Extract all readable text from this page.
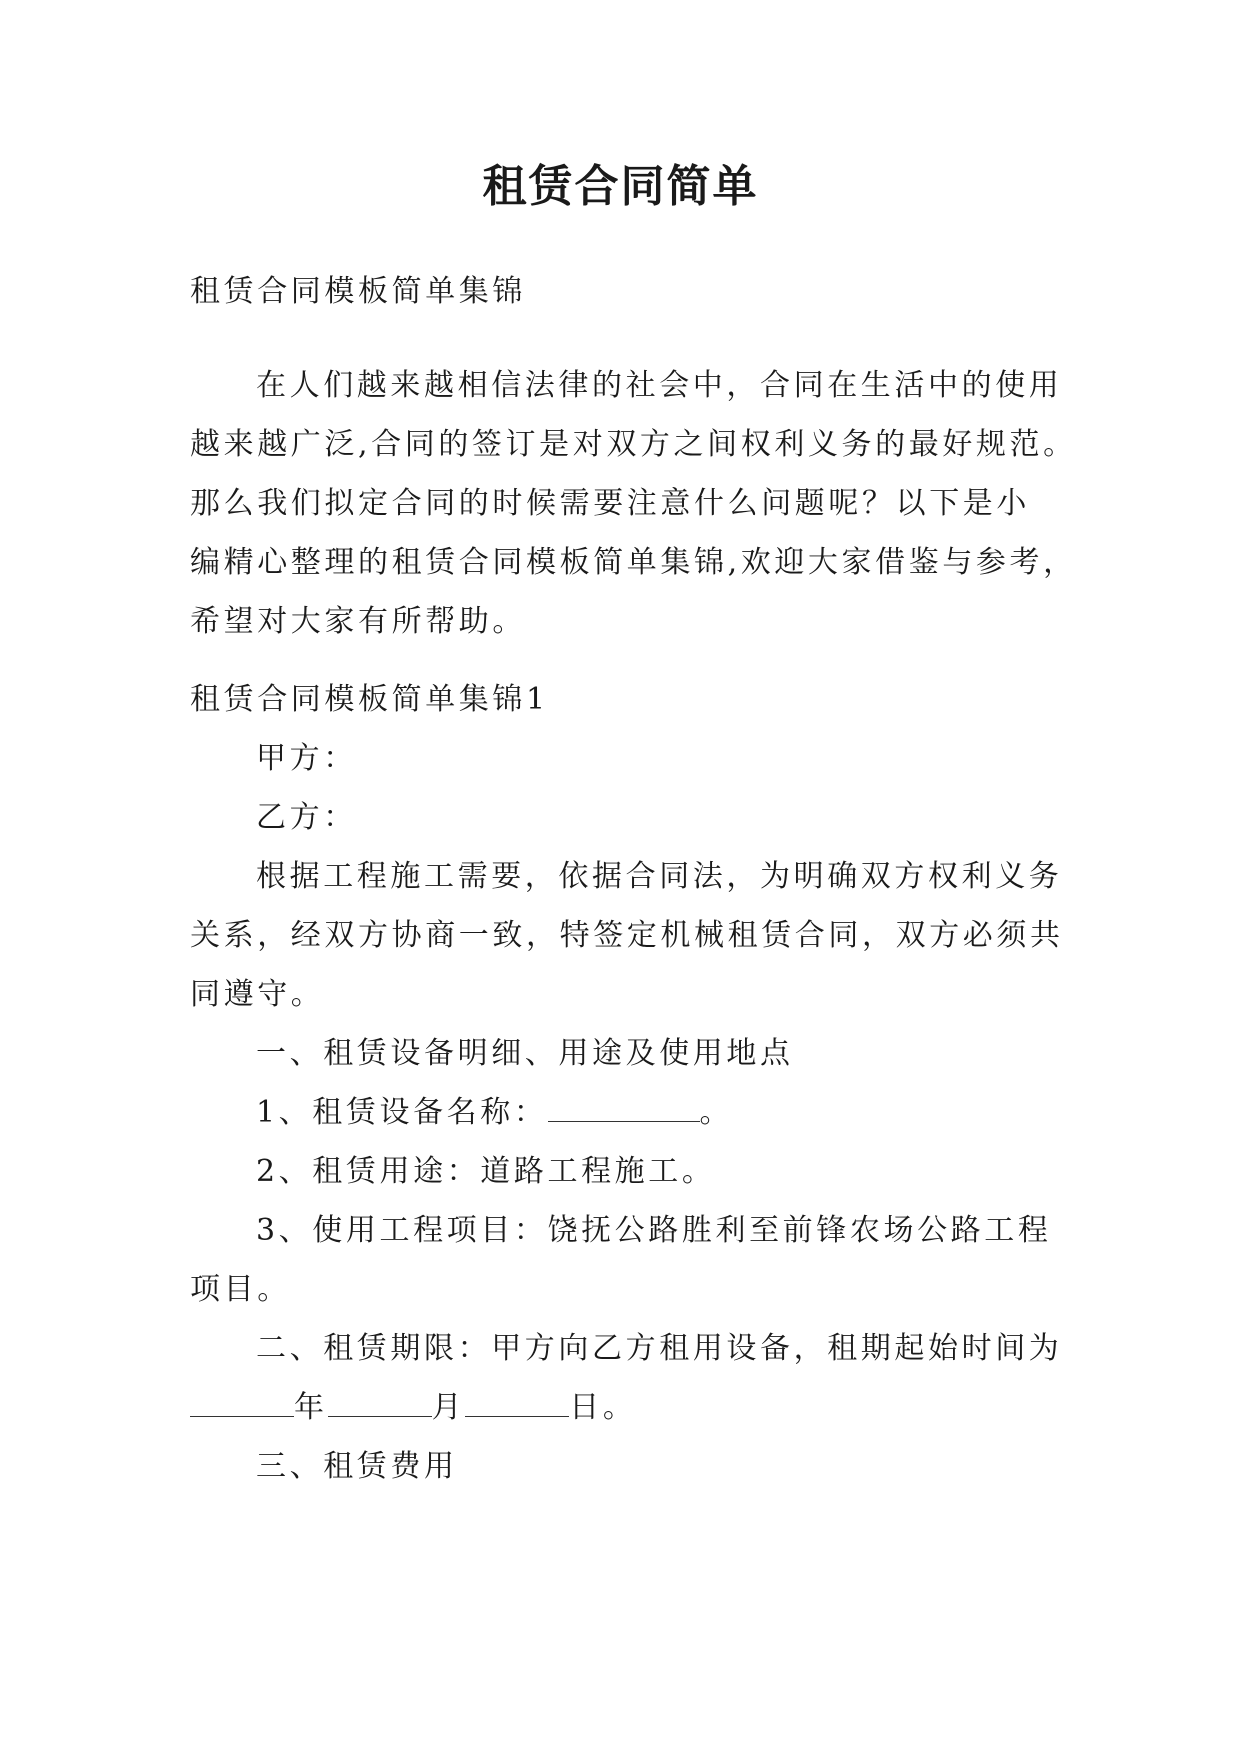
租赁合同简单

租赁合同模板简单集锦

在人们越来越相信法律的社会中，合同在生活中的使用
越来越广泛,合同的签订是对双方之间权利义务的最好规范。
那么我们拟定合同的时候需要注意什么问题呢？以下是小
编精心整理的租赁合同模板简单集锦,欢迎大家借鉴与参考，
希望对大家有所帮助。
租赁合同模板简单集锦1
甲方：
乙方：
根据工程施工需要，依据合同法，为明确双方权利义务
关系，经双方协商一致，特签定机械租赁合同，双方必须共
同遵守。
一、租赁设备明细、用途及使用地点
1、租赁设备名称：	。
2、租赁用途：道路工程施工。
3、使用工程项目：饶抚公路胜利至前锋农场公路工程
项目。
二、租赁期限：甲方向乙方租用设备，租期起始时间为
年	月	日。
三、租赁费用
